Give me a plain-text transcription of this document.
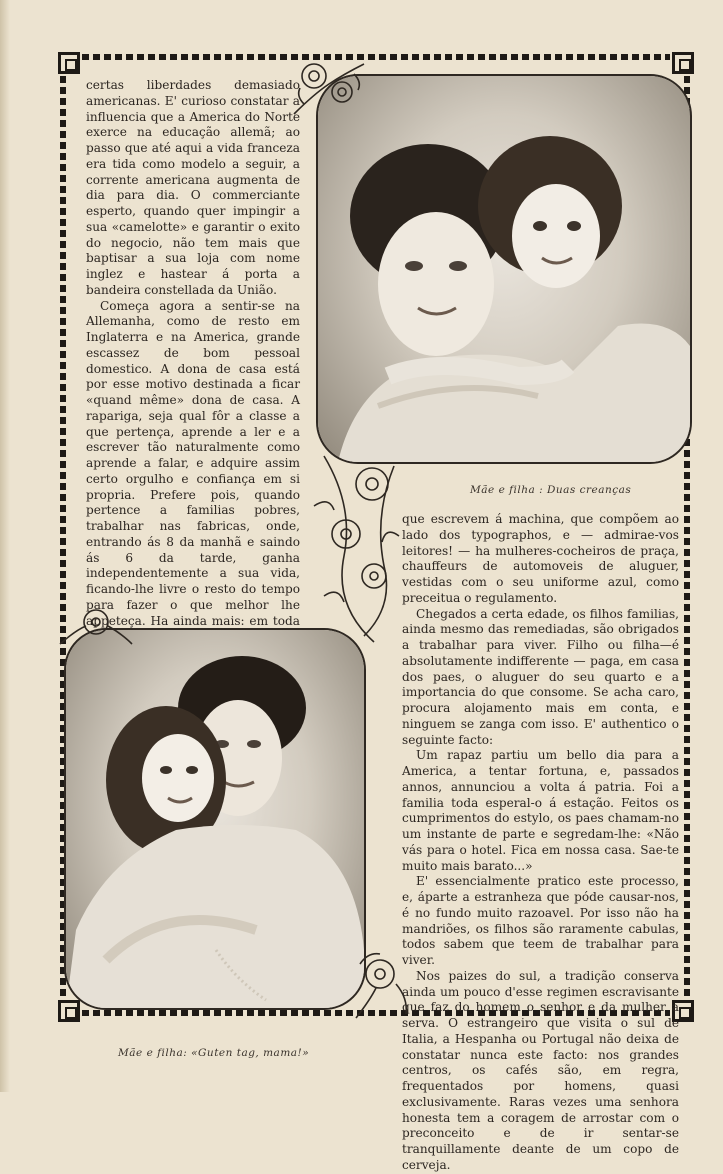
certas liberdades demasiado americanas. E' curioso constatar a influencia que a America do Norte exerce na educação allemã; ao passo que até aqui a vida franceza era tida como modelo a seguir, a corrente americana augmenta de dia para dia. O commerciante esperto, quando quer impingir a sua «camelotte» e garantir o exito do negocio, não tem mais que baptisar a sua loja com nome inglez e hastear á porta a bandeira constellada da União.

Começa agora a sentir-se na Allemanha, como de resto em Inglaterra e na America, grande escassez de bom pessoal domestico. A dona de casa está por esse motivo destinada a ficar «quand même» dona de casa. A rapariga, seja qual fôr a classe a que pertença, aprende a ler e a escrever tão naturalmente como aprende a falar, e adquire assim certo orgulho e confiança em si propria. Prefere pois, quando pertence a familias pobres, trabalhar nas fabricas, onde, entrando ás 8 da manhã e saindo ás 6 da tarde, ganha independentemente a sua vida, ficando-lhe livre o resto do tempo para fazer o que melhor lhe appeteça. Ha ainda mais: em toda

Mãe e filha : Duas creanças

que escrevem á machina, que compõem ao lado dos typographos, e — admirae-vos leitores! — ha mulheres-cocheiros de praça, chauffeurs de automoveis de aluguer, vestidas com o seu uniforme azul, como preceitua o regulamento.

Chegados a certa edade, os filhos familias, ainda mesmo das remediadas, são obrigados a trabalhar para viver. Filho ou filha—é absolutamente indifferente — paga, em casa dos paes, o aluguer do seu quarto e a importancia do que consome. Se acha caro, procura alojamento mais em conta, e ninguem se zanga com isso. E' authentico o seguinte facto:

Um rapaz partiu um bello dia para a America, a tentar fortuna, e, passados annos, annunciou a volta á patria. Foi a familia toda esperal-o á estação. Feitos os cumprimentos do estylo, os paes chamam-no um instante de parte e segredam-lhe: «Não vás para o hotel. Fica em nossa casa. Sae-te muito mais barato...»

E' essencialmente pratico este processo, e, áparte a estranheza que póde causar-nos, é no fundo muito razoavel. Por isso não ha mandriões, os filhos são raramente cabulas, todos sabem que teem de trabalhar para viver.

Nos paizes do sul, a tradição conserva ainda um pouco d'esse regimen escravisante que faz do homem o senhor e da mulher a serva. O estrangeiro que visita o sul de Italia, a Hespanha ou Portugal não deixa de constatar nunca este facto: nos grandes centros, os cafés são, em regra, frequentados por homens, quasi exclusivamente. Raras vezes uma senhora honesta tem a coragem de arrostar com o preconceito e de ir sentar-se tranquillamente deante de um copo de cerveja.

Mãe e filha: «Guten tag, mama!»
